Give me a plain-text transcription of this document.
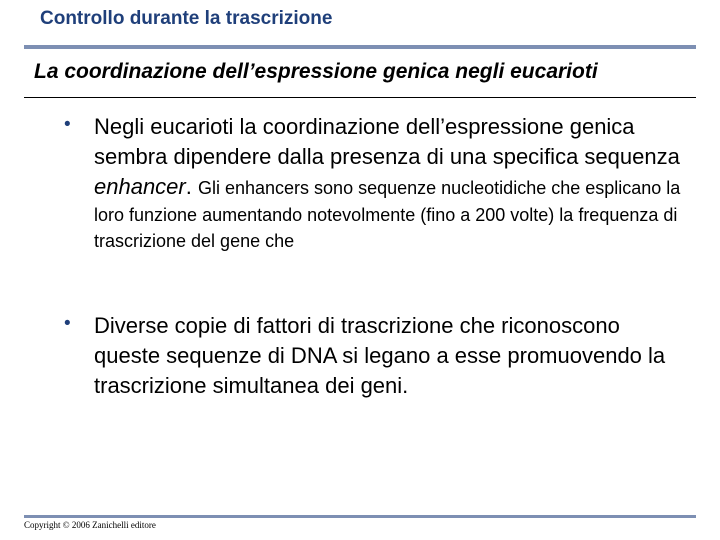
Controllo durante la trascrizione
La coordinazione dell’espressione genica negli eucarioti
• Negli eucarioti la coordinazione dell’espressione genica sembra dipendere dalla presenza di una specifica sequenza enhancer. Gli enhancers sono sequenze nucleotidiche che esplicano la loro funzione aumentando notevolmente (fino a 200 volte) la frequenza di trascrizione del gene che
• Diverse copie di fattori di trascrizione che riconoscono queste sequenze di DNA si legano a esse promuovendo la trascrizione simultanea dei geni.
Copyright © 2006 Zanichelli editore
